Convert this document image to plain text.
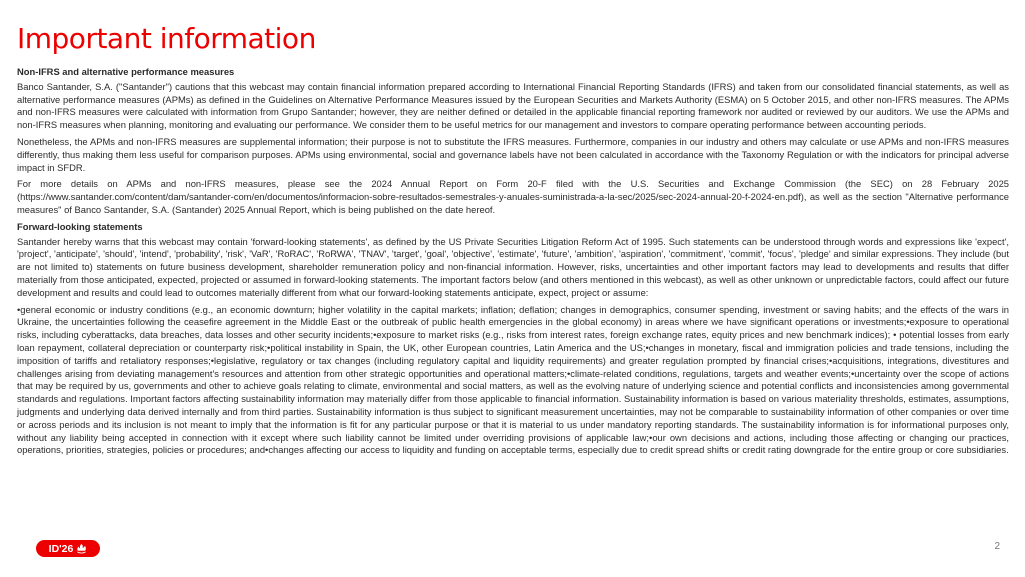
Important information
Non-IFRS and alternative performance measures

Banco Santander, S.A. ("Santander") cautions that this webcast may contain financial information prepared according to International Financial Reporting Standards (IFRS) and taken from our consolidated financial statements, as well as alternative performance measures (APMs) as defined in the Guidelines on Alternative Performance Measures issued by the European Securities and Markets Authority (ESMA) on 5 October 2015, and other non-IFRS measures. The APMs and non-IFRS measures were calculated with information from Grupo Santander; however, they are neither defined or detailed in the applicable financial reporting framework nor audited or reviewed by our auditors. We use the APMs and non-IFRS measures when planning, monitoring and evaluating our performance. We consider them to be useful metrics for our management and investors to compare operating performance between accounting periods.

Nonetheless, the APMs and non-IFRS measures are supplemental information; their purpose is not to substitute the IFRS measures. Furthermore, companies in our industry and others may calculate or use APMs and non-IFRS measures differently, thus making them less useful for comparison purposes. APMs using environmental, social and governance labels have not been calculated in accordance with the Taxonomy Regulation or with the indicators for principal adverse impact in SFDR.

For more details on APMs and non-IFRS measures, please see the 2024 Annual Report on Form 20-F filed with the U.S. Securities and Exchange Commission (the SEC) on 28 February 2025 (https://www.santander.com/content/dam/santander-com/en/documentos/informacion-sobre-resultados-semestrales-y-anuales-suministrada-a-la-sec/2025/sec-2024-annual-20-f-2024-en.pdf), as well as the section "Alternative performance measures" of Banco Santander, S.A. (Santander) 2025 Annual Report, which is being published on the date hereof.

Forward-looking statements

Santander hereby warns that this webcast may contain 'forward-looking statements', as defined by the US Private Securities Litigation Reform Act of 1995. Such statements can be understood through words and expressions like 'expect', 'project', 'anticipate', 'should', 'intend', 'probability', 'risk', 'VaR', 'RoRAC', 'RoRWA', 'TNAV', 'target', 'goal', 'objective', 'estimate', 'future', 'ambition', 'aspiration', 'commitment', 'commit', 'focus', 'pledge' and similar expressions. They include (but are not limited to) statements on future business development, shareholder remuneration policy and non-financial information. However, risks, uncertainties and other important factors may lead to developments and results that differ materially from those anticipated, expected, projected or assumed in forward-looking statements. The important factors below (and others mentioned in this webcast), as well as other unknown or unpredictable factors, could affect our future development and results and could lead to outcomes materially different from what our forward-looking statements anticipate, expect, project or assume:

•general economic or industry conditions (e.g., an economic downturn; higher volatility in the capital markets; inflation; deflation; changes in demographics, consumer spending, investment or saving habits; and the effects of the wars in Ukraine, the uncertainties following the ceasefire agreement in the Middle East or the outbreak of public health emergencies in the global economy) in areas where we have significant operations or investments;•exposure to operational risks, including cyberattacks, data breaches, data losses and other security incidents;•exposure to market risks (e.g., risks from interest rates, foreign exchange rates, equity prices and new benchmark indices); • potential losses from early loan repayment, collateral depreciation or counterparty risk;•political instability in Spain, the UK, other European countries, Latin America and the US;•changes in monetary, fiscal and immigration policies and trade tensions, including the imposition of tariffs and retaliatory responses;•legislative, regulatory or tax changes (including regulatory capital and liquidity requirements) and greater regulation prompted by financial crises;•acquisitions, integrations, divestitures and challenges arising from deviating management's resources and attention from other strategic opportunities and operational matters;•climate-related conditions, regulations, targets and weather events;•uncertainty over the scope of actions that may be required by us, governments and other to achieve goals relating to climate, environmental and social matters, as well as the evolving nature of underlying science and potential conflicts and inconsistencies among governmental standards and regulations. Important factors affecting sustainability information may materially differ from those applicable to financial information. Sustainability information is based on various materiality thresholds, estimates, assumptions, judgments and underlying data derived internally and from third parties. Sustainability information is thus subject to significant measurement uncertainties, may not be comparable to sustainability information of other companies or over time or across periods and its inclusion is not meant to imply that the information is fit for any particular purpose or that it is material to us under mandatory reporting standards. The sustainability information is for informational purposes only, without any liability being accepted in connection with it except where such liability cannot be limited under overriding provisions of applicable law;•our own decisions and actions, including those affecting or changing our practices, operations, priorities, strategies, policies or procedures; and•changes affecting our access to liquidity and funding on acceptable terms, especially due to credit spread shifts or credit rating downgrade for the entire group or core subsidiaries.

ID'26	2
